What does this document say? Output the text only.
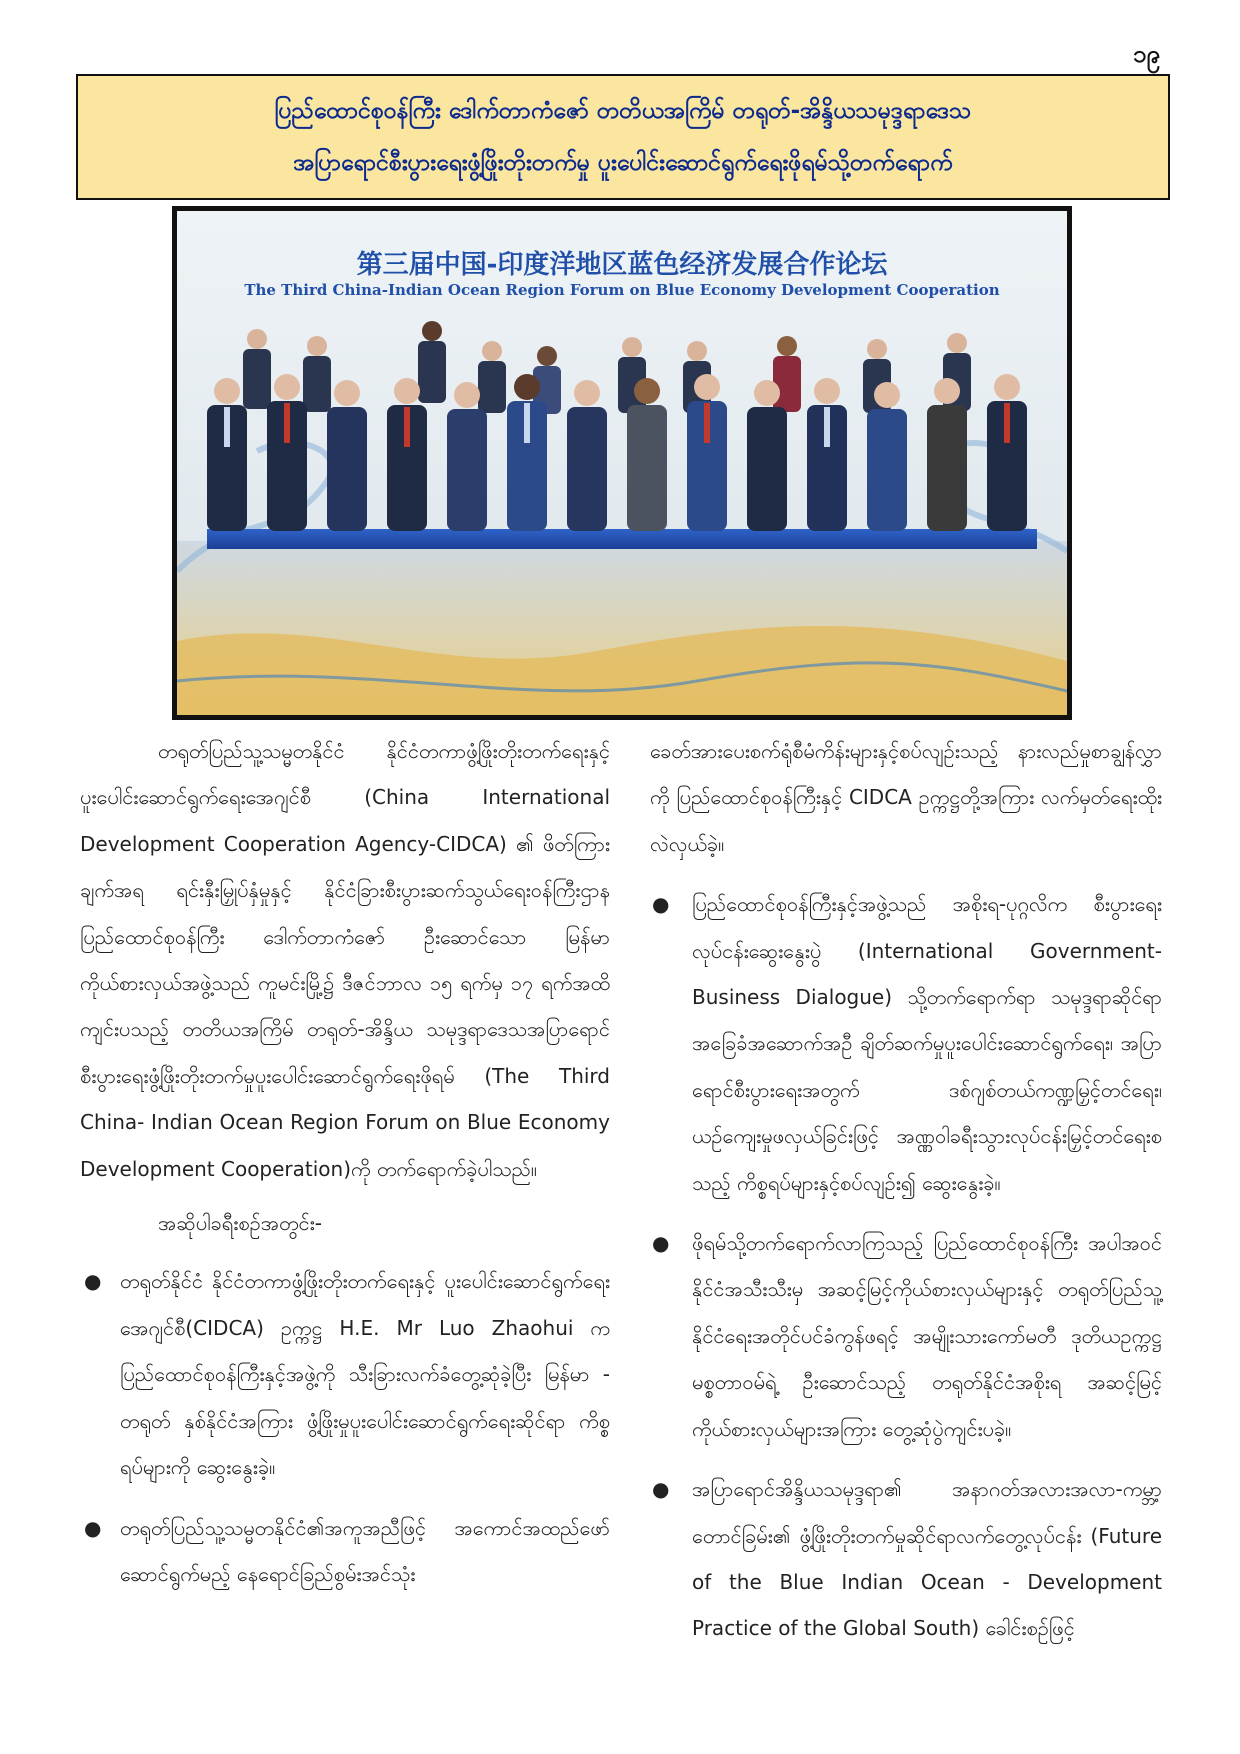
၁၉
ပြည်ထောင်စုဝန်ကြီး ဒေါက်တာကံဇော် တတိယအကြိမ် တရုတ်-အိန္ဒိယသမုဒ္ဒရာဒေသ
အပြာရောင်စီးပွားရေးဖွံ့ဖြိုးတိုးတက်မှု ပူးပေါင်းဆောင်ရွက်ရေးဖိုရမ်သို့တက်ရောက်
第三届中国-印度洋地区蓝色经济发展合作论坛
The Third China-Indian Ocean Region Forum on Blue Economy Development Cooperation

တရုတ်ပြည်သူ့သမ္မတနိုင်ငံ နိုင်ငံတကာဖွံ့ဖြိုးတိုးတက်ရေးနှင့်ပူးပေါင်းဆောင်ရွက်ရေးအေဂျင်စီ (China International Development Cooperation Agency-CIDCA) ၏ ဖိတ်ကြားချက်အရ ရင်းနှီးမြှုပ်နှံမှုနှင့် နိုင်ငံခြားစီးပွားဆက်သွယ်ရေးဝန်ကြီးဌာန ပြည်ထောင်စုဝန်ကြီး ဒေါက်တာကံဇော် ဦးဆောင်သော မြန်မာကိုယ်စားလှယ်အဖွဲ့သည် ကူမင်းမြို့၌ ဒီဇင်ဘာလ ၁၅ ရက်မှ ၁၇ ရက်အထိ ကျင်းပသည့် တတိယအကြိမ် တရုတ်-အိန္ဒိယ သမုဒ္ဒရာဒေသအပြာရောင်စီးပွားရေးဖွံ့ဖြိုးတိုးတက်မှုပူးပေါင်းဆောင်ရွက်ရေးဖိုရမ် (The Third China- Indian Ocean Region Forum on Blue Economy Development Cooperation)ကို တက်ရောက်ခဲ့ပါသည်။

အဆိုပါခရီးစဉ်အတွင်း-

● တရုတ်နိုင်ငံ နိုင်ငံတကာဖွံ့ဖြိုးတိုးတက်ရေးနှင့် ပူးပေါင်းဆောင်ရွက်ရေးအေဂျင်စီ(CIDCA) ဥက္ကဋ္ဌ H.E. Mr Luo Zhaohui က ပြည်ထောင်စုဝန်ကြီးနှင့်အဖွဲ့ကို သီးခြားလက်ခံတွေ့ဆုံခဲ့ပြီး မြန်မာ - တရုတ် နှစ်နိုင်ငံအကြား ဖွံ့ဖြိုးမှုပူးပေါင်းဆောင်ရွက်ရေးဆိုင်ရာ ကိစ္စရပ်များကို ဆွေးနွေးခဲ့။
● တရုတ်ပြည်သူ့သမ္မတနိုင်ငံ၏အကူအညီဖြင့် အကောင်အထည်ဖော်ဆောင်ရွက်မည့် နေရောင်ခြည်စွမ်းအင်သုံး

ခေတ်အားပေးစက်ရုံစီမံကိန်းများနှင့်စပ်လျဉ်းသည့် နားလည်မှုစာချွန်လွှာကို ပြည်ထောင်စုဝန်ကြီးနှင့် CIDCA ဥက္ကဋ္ဌတို့အကြား လက်မှတ်ရေးထိုးလဲလှယ်ခဲ့။

● ပြည်ထောင်စုဝန်ကြီးနှင့်အဖွဲ့သည် အစိုးရ-ပုဂ္ဂလိက စီးပွားရေးလုပ်ငန်းဆွေးနွေးပွဲ (International Government-Business Dialogue) သို့တက်ရောက်ရာ သမုဒ္ဒရာဆိုင်ရာ အခြေခံအဆောက်အဦ ချိတ်ဆက်မှုပူးပေါင်းဆောင်ရွက်ရေး၊ အပြာရောင်စီးပွားရေးအတွက် ဒစ်ဂျစ်တယ်ကဏ္ဍမြှင့်တင်ရေး၊ ယဉ်ကျေးမှုဖလှယ်ခြင်းဖြင့် အဏ္ဏဝါခရီးသွားလုပ်ငန်းမြှင့်တင်ရေးစသည့် ကိစ္စရပ်များနှင့်စပ်လျဉ်း၍ ဆွေးနွေးခဲ့။
● ဖိုရမ်သို့တက်ရောက်လာကြသည့် ပြည်ထောင်စုဝန်ကြီး အပါအဝင် နိုင်ငံအသီးသီးမှ အဆင့်မြင့်ကိုယ်စားလှယ်များနှင့် တရုတ်ပြည်သူ့နိုင်ငံရေးအတိုင်ပင်ခံကွန်ဖရင့် အမျိုးသားကော်မတီ ဒုတိယဥက္ကဋ္ဌ မစ္စတာဝမ်ရဲ့ ဦးဆောင်သည့် တရုတ်နိုင်ငံအစိုးရ အဆင့်မြင့်ကိုယ်စားလှယ်များအကြား တွေ့ဆုံပွဲကျင်းပခဲ့။
● အပြာရောင်အိန္ဒိယသမုဒ္ဒရာ၏ အနာဂတ်အလားအလာ-ကမ္ဘာ့တောင်ခြမ်း၏ ဖွံ့ဖြိုးတိုးတက်မှုဆိုင်ရာလက်တွေ့လုပ်ငန်း (Future of the Blue Indian Ocean - Development Practice of the Global South) ခေါင်းစဉ်ဖြင့်
